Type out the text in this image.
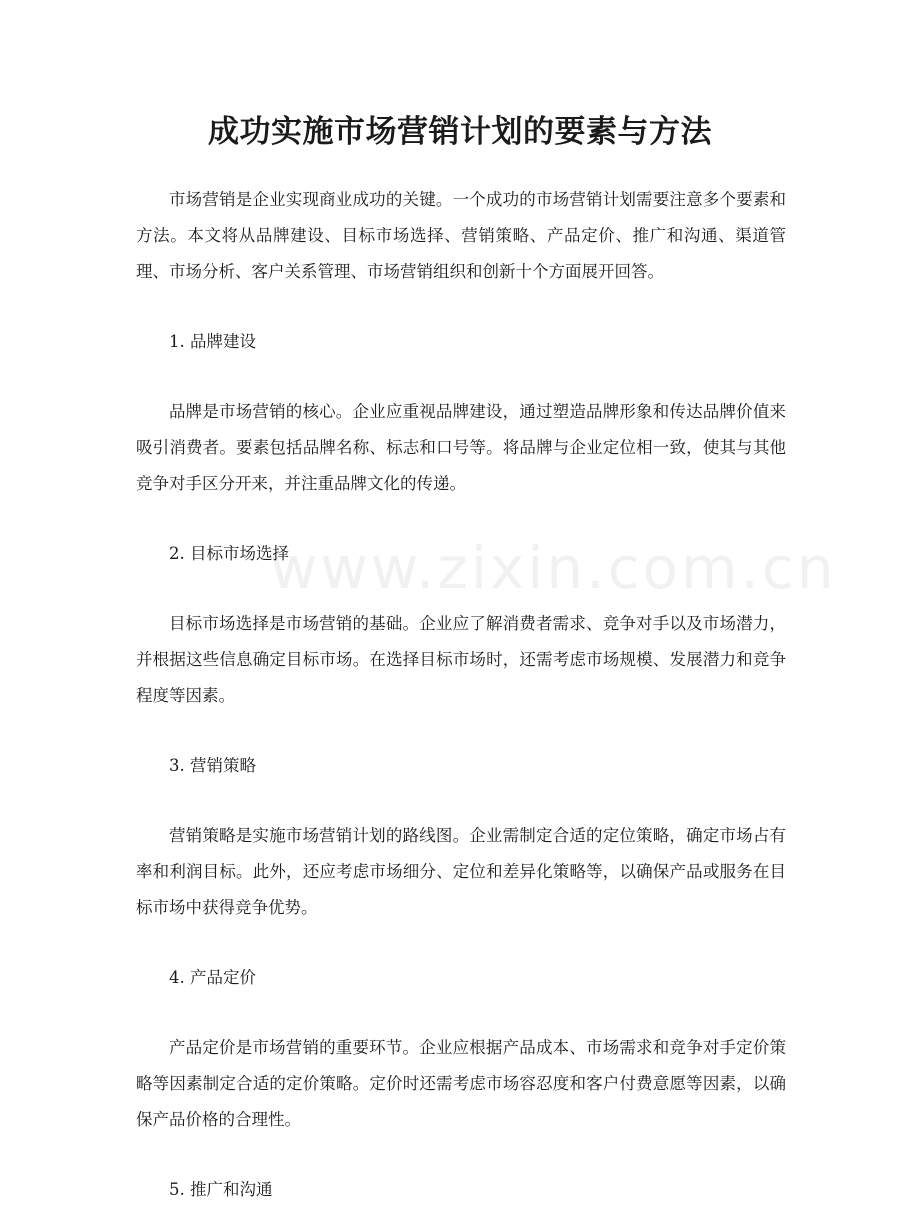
成功实施市场营销计划的要素与方法
www.zixin.com.cn

市场营销是企业实现商业成功的关键。一个成功的市场营销计划需要注意多个要素和方法。本文将从品牌建设、目标市场选择、营销策略、产品定价、推广和沟通、渠道管理、市场分析、客户关系管理、市场营销组织和创新十个方面展开回答。

1. 品牌建设

品牌是市场营销的核心。企业应重视品牌建设，通过塑造品牌形象和传达品牌价值来吸引消费者。要素包括品牌名称、标志和口号等。将品牌与企业定位相一致，使其与其他竞争对手区分开来，并注重品牌文化的传递。

2. 目标市场选择

目标市场选择是市场营销的基础。企业应了解消费者需求、竞争对手以及市场潜力，并根据这些信息确定目标市场。在选择目标市场时，还需考虑市场规模、发展潜力和竞争程度等因素。

3. 营销策略

营销策略是实施市场营销计划的路线图。企业需制定合适的定位策略，确定市场占有率和利润目标。此外，还应考虑市场细分、定位和差异化策略等，以确保产品或服务在目标市场中获得竞争优势。

4. 产品定价

产品定价是市场营销的重要环节。企业应根据产品成本、市场需求和竞争对手定价策略等因素制定合适的定价策略。定价时还需考虑市场容忍度和客户付费意愿等因素，以确保产品价格的合理性。

5. 推广和沟通
